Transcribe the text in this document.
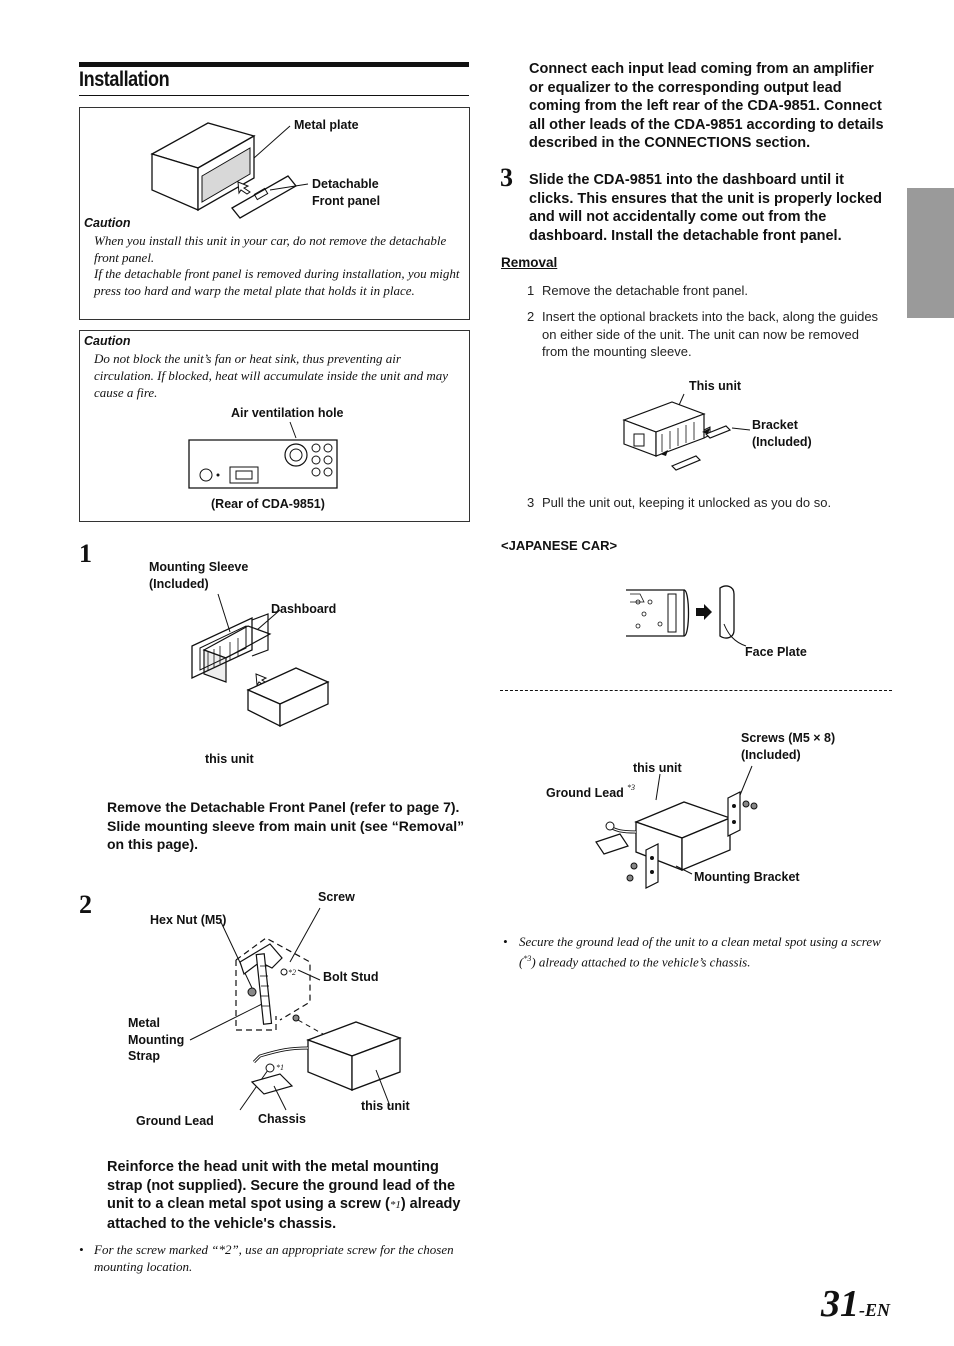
Installation
Metal plate
Detachable
Front panel
Caution
When you install this unit in your car, do not remove the detachable front panel.
If the detachable front panel is removed during installation, you might press too hard and warp the metal plate that holds it in place.
Caution
Do not block the unit’s fan or heat sink, thus preventing air circulation. If blocked, heat will accumulate inside the unit and may cause a fire.
Air ventilation hole
(Rear of CDA-9851)
1	Mounting Sleeve
(Included)
Dashboard
this unit
Remove the Detachable Front Panel (refer to page 7). Slide mounting sleeve from main unit (see “Removal” on this page).
2	Screw
Hex Nut (M5)
Bolt Stud
Metal
Mounting
Strap
*2
*1
this unit
Ground Lead	Chassis
Reinforce the head unit with the metal mounting strap (not supplied). Secure the ground lead of the unit to a clean metal spot using a screw (*1) already attached to the vehicle's chassis.
• For the screw marked “*2”, use an appropriate screw for the chosen mounting location.
Connect each input lead coming from an amplifier or equalizer to the corresponding output lead coming from the left rear of the CDA-9851. Connect all other leads of the CDA-9851 according to details described in the CONNECTIONS section.
3 Slide the CDA-9851 into the dashboard until it clicks. This ensures that the unit is properly locked and will not accidentally come out from the dashboard. Install the detachable front panel.
Removal
1 Remove the detachable front panel.
2 Insert the optional brackets into the back, along the guides on either side of the unit. The unit can now be removed from the mounting sleeve.
This unit
Bracket
(Included)
3 Pull the unit out, keeping it unlocked as you do so.
<JAPANESE CAR>
Face Plate
Screws (M5 × 8)
(Included)
this unit
Ground Lead *3
Mounting Bracket
• Secure the ground lead of the unit to a clean metal spot using a screw ($^{*3}$) already attached to the vehicle’s chassis.
31-EN
